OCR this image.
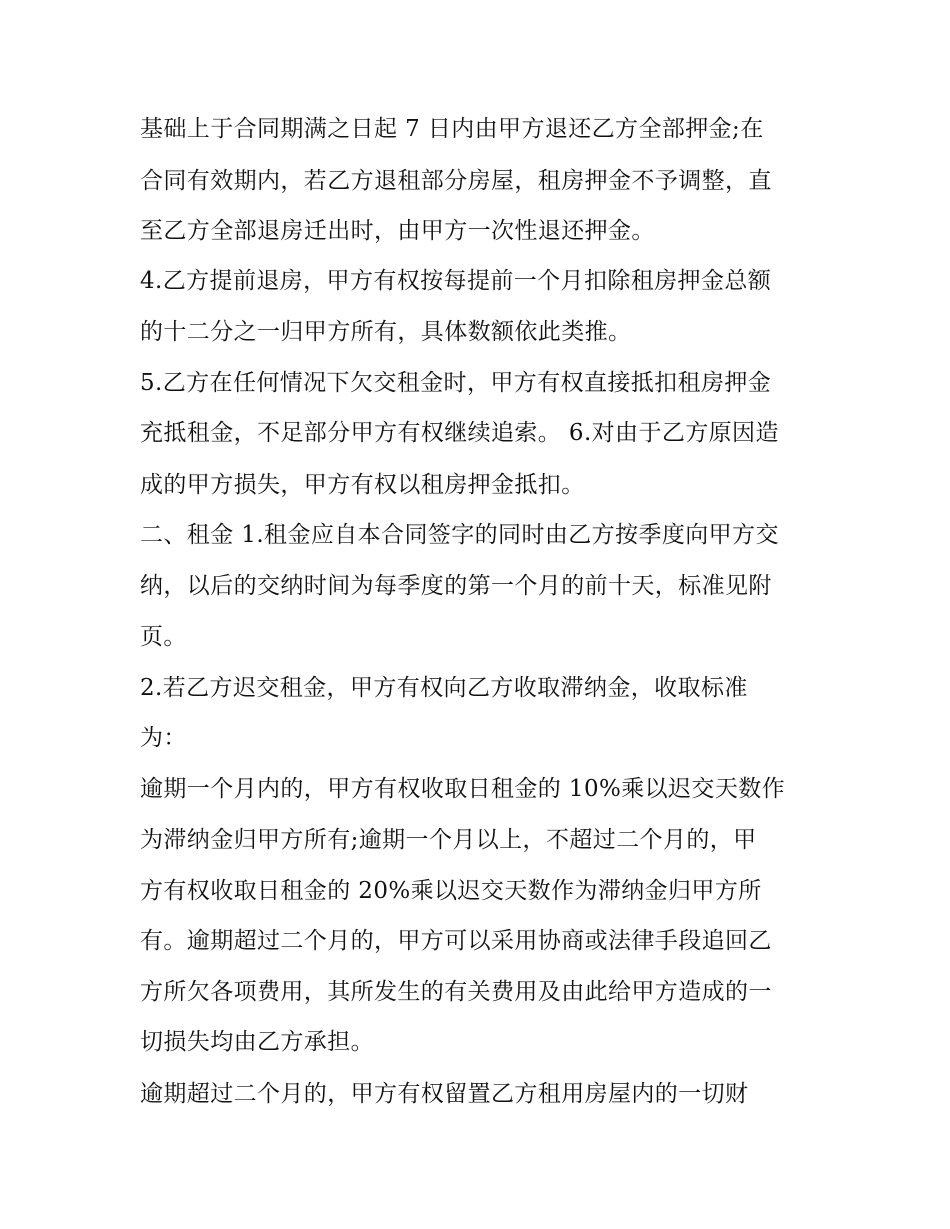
基础上于合同期满之日起 7 日内由甲方退还乙方全部押金;在
合同有效期内，若乙方退租部分房屋，租房押金不予调整，直
至乙方全部退房迁出时，由甲方一次性退还押金。
4.乙方提前退房，甲方有权按每提前一个月扣除租房押金总额
的十二分之一归甲方所有，具体数额依此类推。
5.乙方在任何情况下欠交租金时，甲方有权直接抵扣租房押金
充抵租金，不足部分甲方有权继续追索。 6.对由于乙方原因造
成的甲方损失，甲方有权以租房押金抵扣。
二、租金 1.租金应自本合同签字的同时由乙方按季度向甲方交
纳，以后的交纳时间为每季度的第一个月的前十天，标准见附
页。
2.若乙方迟交租金，甲方有权向乙方收取滞纳金，收取标准
为：
逾期一个月内的，甲方有权收取日租金的 10%乘以迟交天数作
为滞纳金归甲方所有;逾期一个月以上，不超过二个月的，甲
方有权收取日租金的 20%乘以迟交天数作为滞纳金归甲方所
有。逾期超过二个月的，甲方可以采用协商或法律手段追回乙
方所欠各项费用，其所发生的有关费用及由此给甲方造成的一
切损失均由乙方承担。
逾期超过二个月的，甲方有权留置乙方租用房屋内的一切财
